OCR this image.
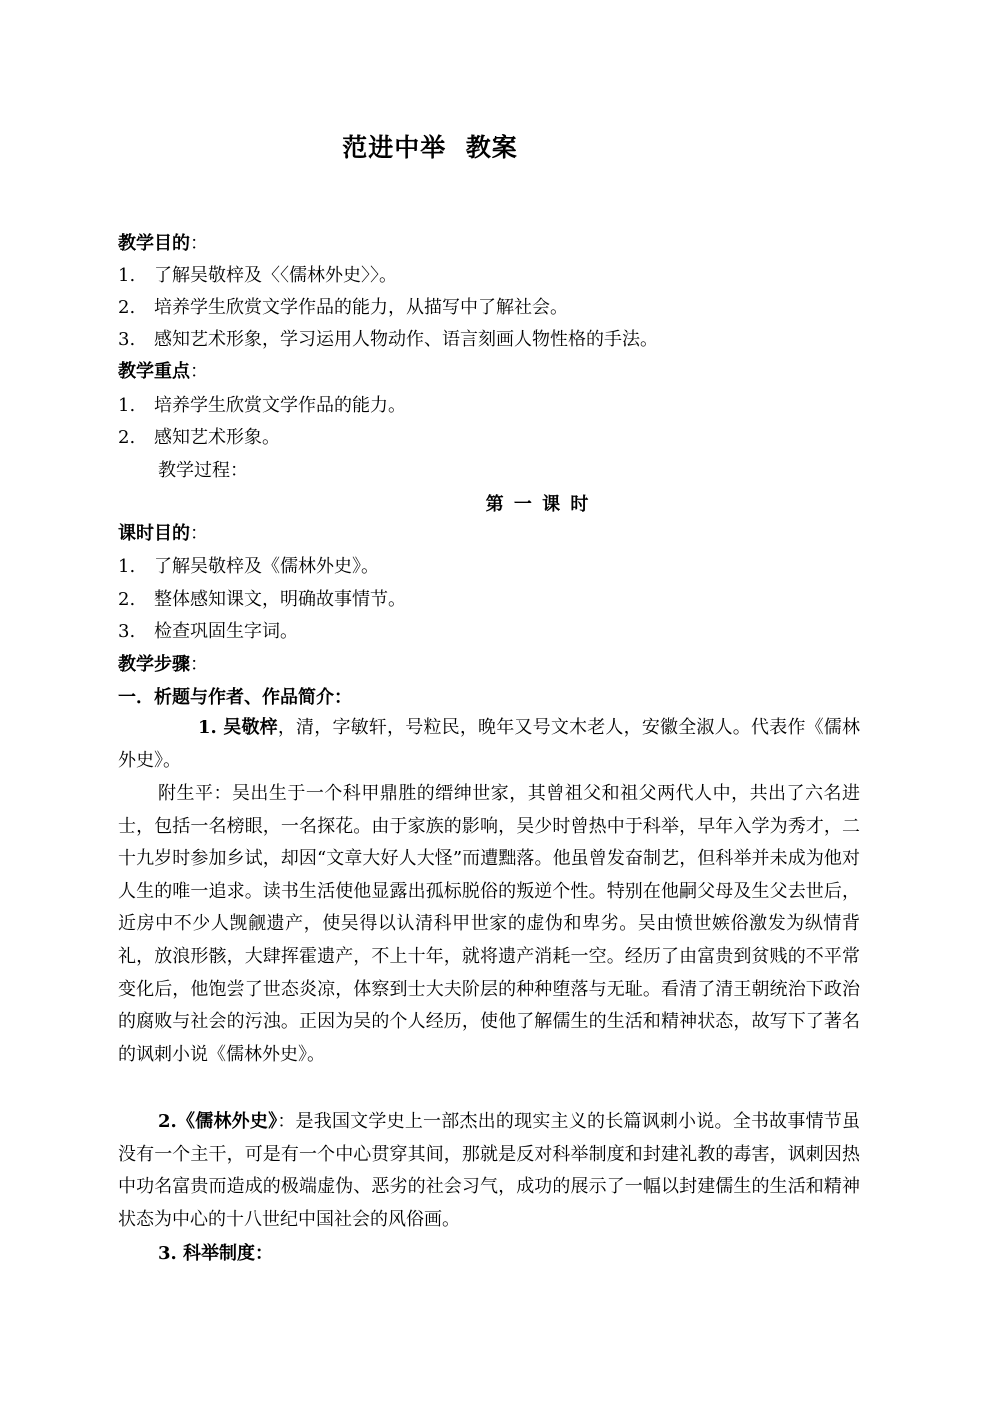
范进中举  教案
教学目的：
1. 了解吴敬梓及〈〈儒林外史〉〉。
2. 培养学生欣赏文学作品的能力，从描写中了解社会。
3. 感知艺术形象，学习运用人物动作、语言刻画人物性格的手法。
教学重点：
1. 培养学生欣赏文学作品的能力。
2. 感知艺术形象。
教学过程：
第 一 课 时
课时目的：
1. 了解吴敬梓及《儒林外史》。
2. 整体感知课文，明确故事情节。
3. 检查巩固生字词。
教学步骤：
一．析题与作者、作品简介：
1. 吴敬梓，清，字敏轩，号粒民，晚年又号文木老人，安徽全淑人。代表作《儒林外史》。
附生平：吴出生于一个科甲鼎胜的缙绅世家，其曾祖父和祖父两代人中，共出了六名进士，包括一名榜眼，一名探花。由于家族的影响，吴少时曾热中于科举，早年入学为秀才，二十九岁时参加乡试，却因“文章大好人大怪”而遭黜落。他虽曾发奋制艺，但科举并未成为他对人生的唯一追求。读书生活使他显露出孤标脱俗的叛逆个性。特别在他嗣父母及生父去世后，近房中不少人觊觎遗产，使吴得以认清科甲世家的虚伪和卑劣。吴由愤世嫉俗激发为纵情背礼，放浪形骸，大肆挥霍遗产，不上十年，就将遗产消耗一空。经历了由富贵到贫贱的不平常变化后，他饱尝了世态炎凉，体察到士大夫阶层的种种堕落与无耻。看清了清王朝统治下政治的腐败与社会的污浊。正因为吴的个人经历，使他了解儒生的生活和精神状态，故写下了著名的讽刺小说《儒林外史》。
2.《儒林外史》：是我国文学史上一部杰出的现实主义的长篇讽刺小说。全书故事情节虽没有一个主干，可是有一个中心贯穿其间，那就是反对科举制度和封建礼教的毒害，讽刺因热中功名富贵而造成的极端虚伪、恶劣的社会习气，成功的展示了一幅以封建儒生的生活和精神状态为中心的十八世纪中国社会的风俗画。
3. 科举制度：
